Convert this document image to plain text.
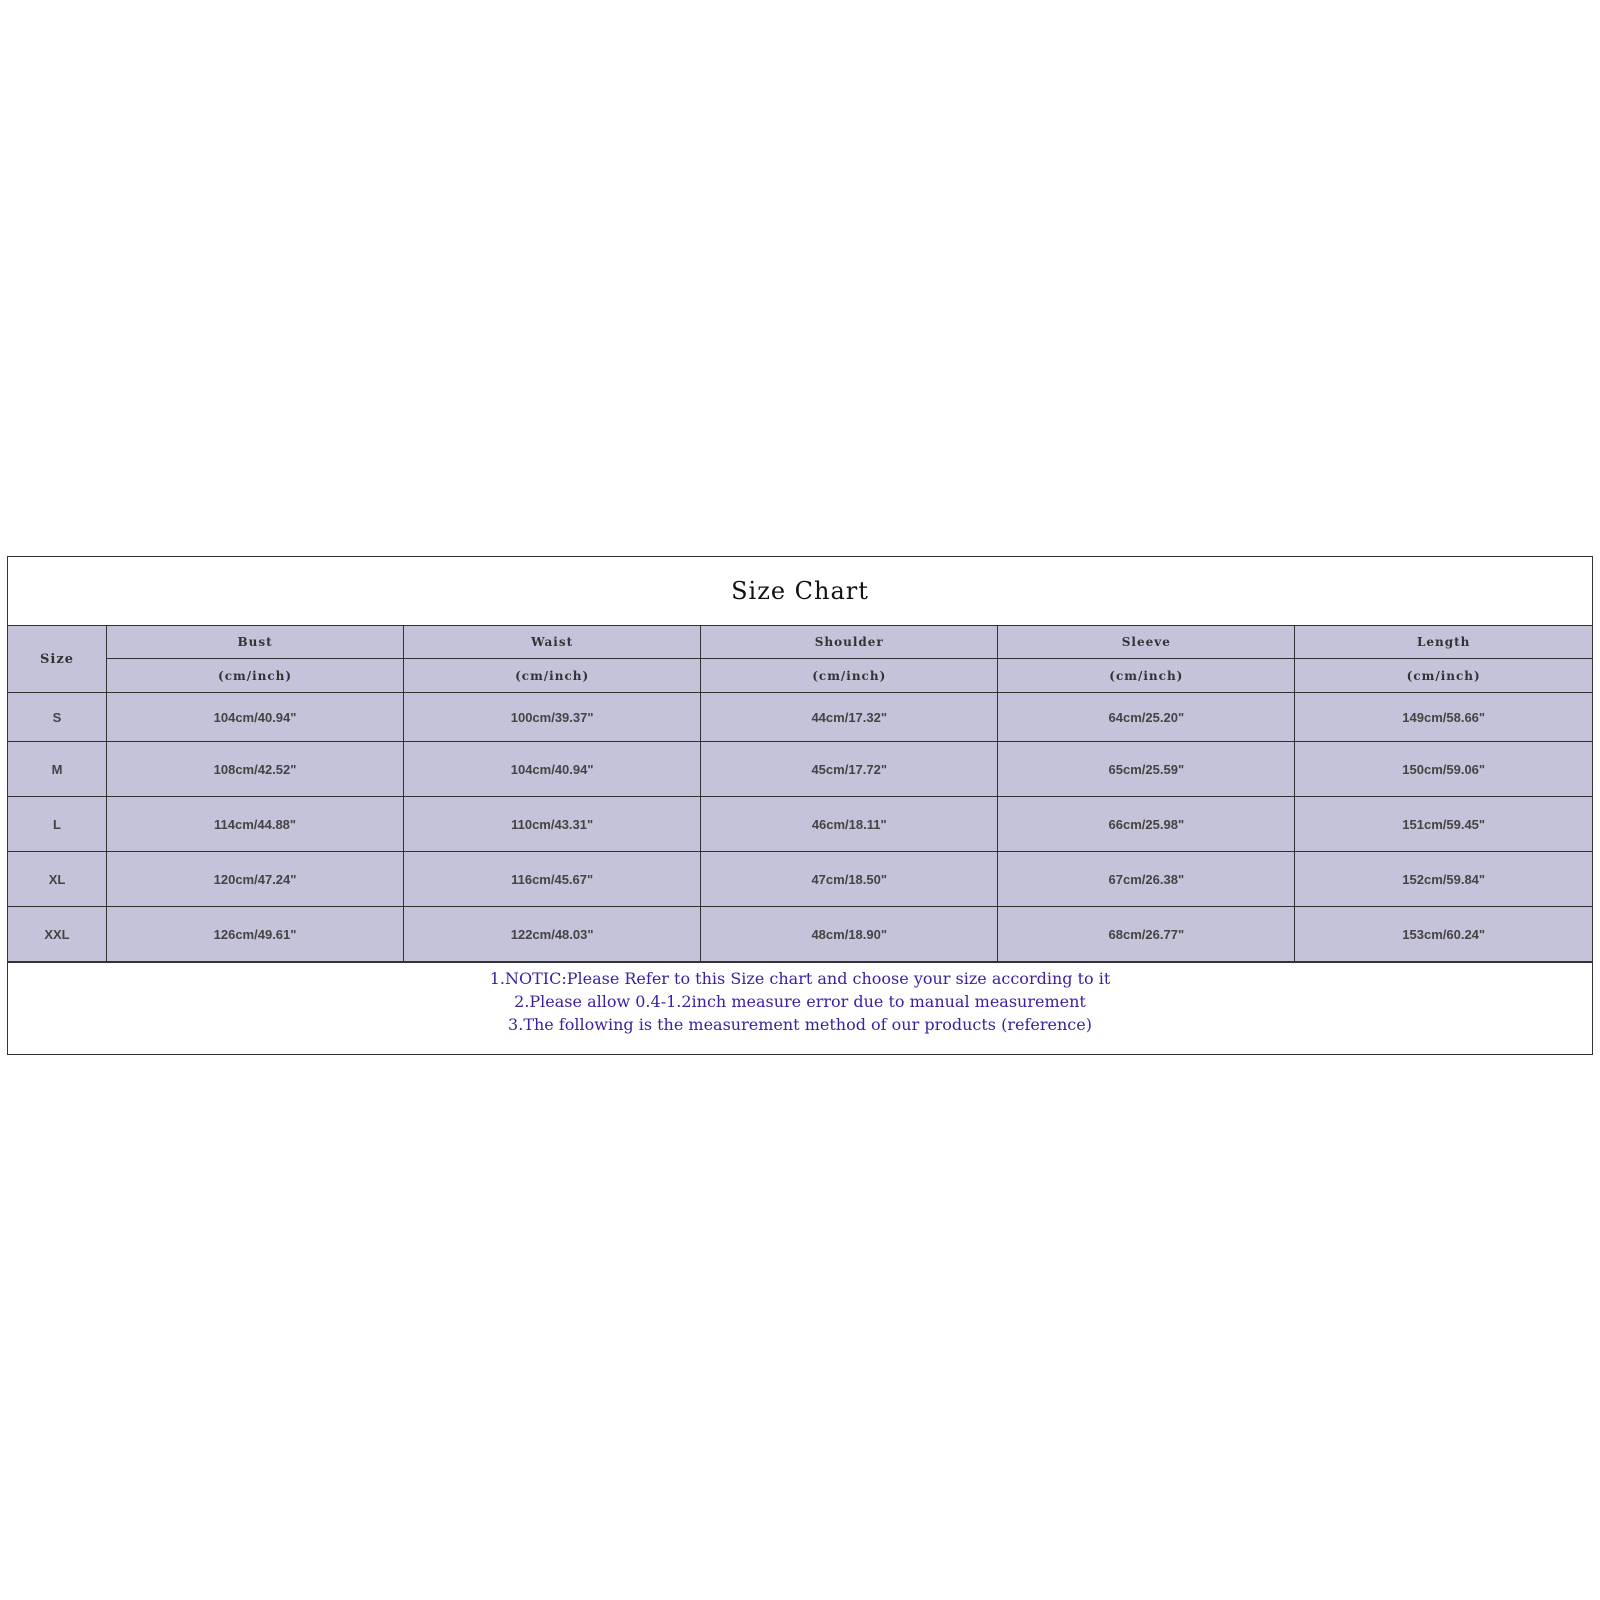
Size Chart
Size	Bust	Waist	Shoulder	Sleeve	Length
	(cm/inch)	(cm/inch)	(cm/inch)	(cm/inch)	(cm/inch)
S	104cm/40.94"	100cm/39.37"	44cm/17.32"	64cm/25.20"	149cm/58.66"
M	108cm/42.52"	104cm/40.94"	45cm/17.72"	65cm/25.59"	150cm/59.06"
L	114cm/44.88"	110cm/43.31"	46cm/18.11"	66cm/25.98"	151cm/59.45"
XL	120cm/47.24"	116cm/45.67"	47cm/18.50"	67cm/26.38"	152cm/59.84"
XXL	126cm/49.61"	122cm/48.03"	48cm/18.90"	68cm/26.77"	153cm/60.24"
1.NOTIC:Please Refer to this Size chart and choose your size according to it
2.Please allow 0.4-1.2inch measure error due to manual measurement
3.The following is the measurement method of our products (reference)
